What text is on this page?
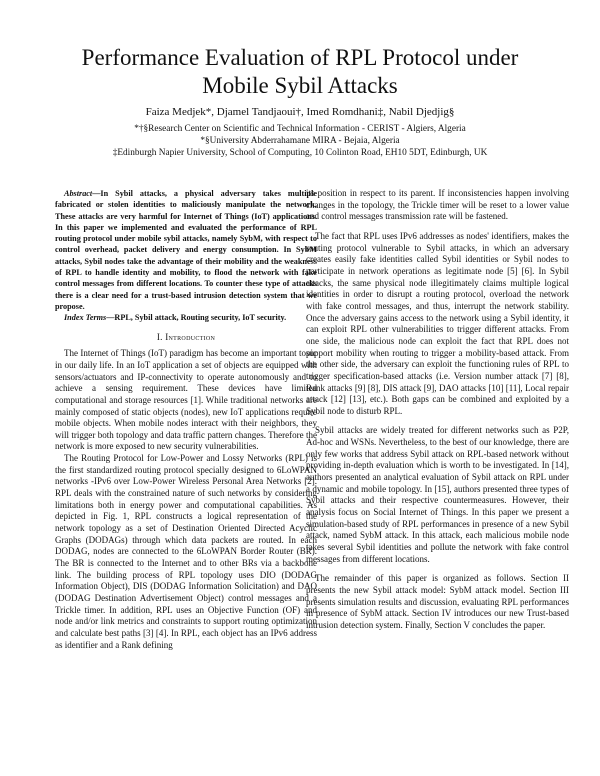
Performance Evaluation of RPL Protocol under
Mobile Sybil Attacks
Faiza Medjek*, Djamel Tandjaoui†, Imed Romdhani‡, Nabil Djedjig§
*†§Research Center on Scientific and Technical Information - CERIST - Algiers, Algeria
*§University Abderrahamane MIRA - Bejaia, Algeria
‡Edinburgh Napier University, School of Computing, 10 Colinton Road, EH10 5DT, Edinburgh, UK

Abstract—In Sybil attacks, a physical adversary takes multiple fabricated or stolen identities to maliciously manipulate the network. These attacks are very harmful for Internet of Things (IoT) applications. In this paper we implemented and evaluated the performance of RPL routing protocol under mobile sybil attacks, namely SybM, with respect to control overhead, packet delivery and energy consumption. In SybM attacks, Sybil nodes take the advantage of their mobility and the weakness of RPL to handle identity and mobility, to flood the network with fake control messages from different locations. To counter these type of attacks there is a clear need for a trust-based intrusion detection system that we propose.

Index Terms—RPL, Sybil attack, Routing security, IoT security.

I. Introduction

The Internet of Things (IoT) paradigm has become an important topic in our daily life. In an IoT application a set of objects are equipped with sensors/actuators and IP-connectivity to operate autonomously and to achieve a sensing requirement. These devices have limited computational and storage resources [1]. While traditional networks are mainly composed of static objects (nodes), new IoT applications require mobile objects. When mobile nodes interact with their neighbors, they will trigger both topology and data traffic pattern changes. Therefore the network is more exposed to new security vulnerabilities.

The Routing Protocol for Low-Power and Lossy Networks (RPL) is the first standardized routing protocol specially designed to 6LoWPAN networks -IPv6 over Low-Power Wireless Personal Area Networks [2]. RPL deals with the constrained nature of such networks by considering limitations both in energy power and computational capabilities. As depicted in Fig. 1, RPL constructs a logical representation of the network topology as a set of Destination Oriented Directed Acyclic Graphs (DODAGs) through which data packets are routed. In each DODAG, nodes are connected to the 6LoWPAN Border Router (BR). The BR is connected to the Internet and to other BRs via a backbone link. The building process of RPL topology uses DIO (DODAG Information Object), DIS (DODAG Information Solicitation) and DAO (DODAG Destination Advertisement Object) control messages and a Trickle timer. In addition, RPL uses an Objective Function (OF) and node and/or link metrics and constraints to support routing optimization and calculate best paths [3] [4]. In RPL, each object has an IPv6 address as identifier and a Rank defining

its position in respect to its parent. If inconsistencies happen involving changes in the topology, the Trickle timer will be reset to a lower value and control messages transmission rate will be fastened.

The fact that RPL uses IPv6 addresses as nodes' identifiers, makes the routing protocol vulnerable to Sybil attacks, in which an adversary creates easily fake identities called Sybil identities or Sybil nodes to participate in network operations as legitimate node [5] [6]. In Sybil attacks, the same physical node illegitimately claims multiple logical identities in order to disrupt a routing protocol, overload the network with fake control messages, and thus, interrupt the network stability. Once the adversary gains access to the network using a Sybil identity, it can exploit RPL other vulnerabilities to trigger different attacks. From one side, the malicious node can exploit the fact that RPL does not support mobility when routing to trigger a mobility-based attack. From the other side, the adversary can exploit the functioning rules of RPL to trigger specification-based attacks (i.e. Version number attack [7] [8], Rank attacks [9] [8], DIS attack [9], DAO attacks [10] [11], Local repair attack [12] [13], etc.). Both gaps can be combined and exploited by a Sybil node to disturb RPL.

Sybil attacks are widely treated for different networks such as P2P, Ad-hoc and WSNs. Nevertheless, to the best of our knowledge, there are only few works that address Sybil attack on RPL-based network without providing in-depth evaluation which is worth to be investigated. In [14], authors presented an analytical evaluation of Sybil attack on RPL under a dynamic and mobile topology. In [15], authors presented three types of Sybil attacks and their respective countermeasures. However, their analysis focus on Social Internet of Things. In this paper we present a simulation-based study of RPL performances in presence of a new Sybil attack, named SybM attack. In this attack, each malicious mobile node takes several Sybil identities and pollute the network with fake control messages from different locations.

The remainder of this paper is organized as follows. Section II presents the new Sybil attack model: SybM attack model. Section III presents simulation results and discussion, evaluating RPL performances in presence of SybM attack. Section IV introduces our new Trust-based intrusion detection system. Finally, Section V concludes the paper.
